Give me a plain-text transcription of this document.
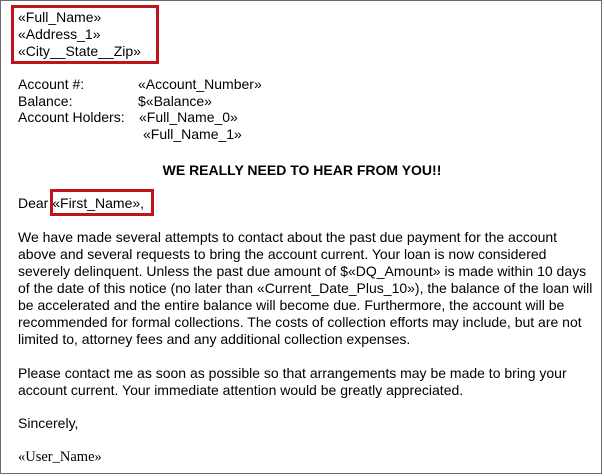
«Full_Name»
«Address_1»
«City__State__Zip»
Account #:	«Account_Number»
Balance:	$«Balance»
Account Holders: «Full_Name_0»
«Full_Name_1»
WE REALLY NEED TO HEAR FROM YOU!!
Dear «First_Name»,

We have made several attempts to contact about the past due payment for the account above and several requests to bring the account current. Your loan is now considered severely delinquent. Unless the past due amount of $«DQ_Amount» is made within 10 days of the date of this notice (no later than «Current_Date_Plus_10»), the balance of the loan will be accelerated and the entire balance will become due. Furthermore, the account will be recommended for formal collections. The costs of collection efforts may include, but are not limited to, attorney fees and any additional collection expenses.

Please contact me as soon as possible so that arrangements may be made to bring your account current. Your immediate attention would be greatly appreciated.

Sincerely,
«User_Name»
